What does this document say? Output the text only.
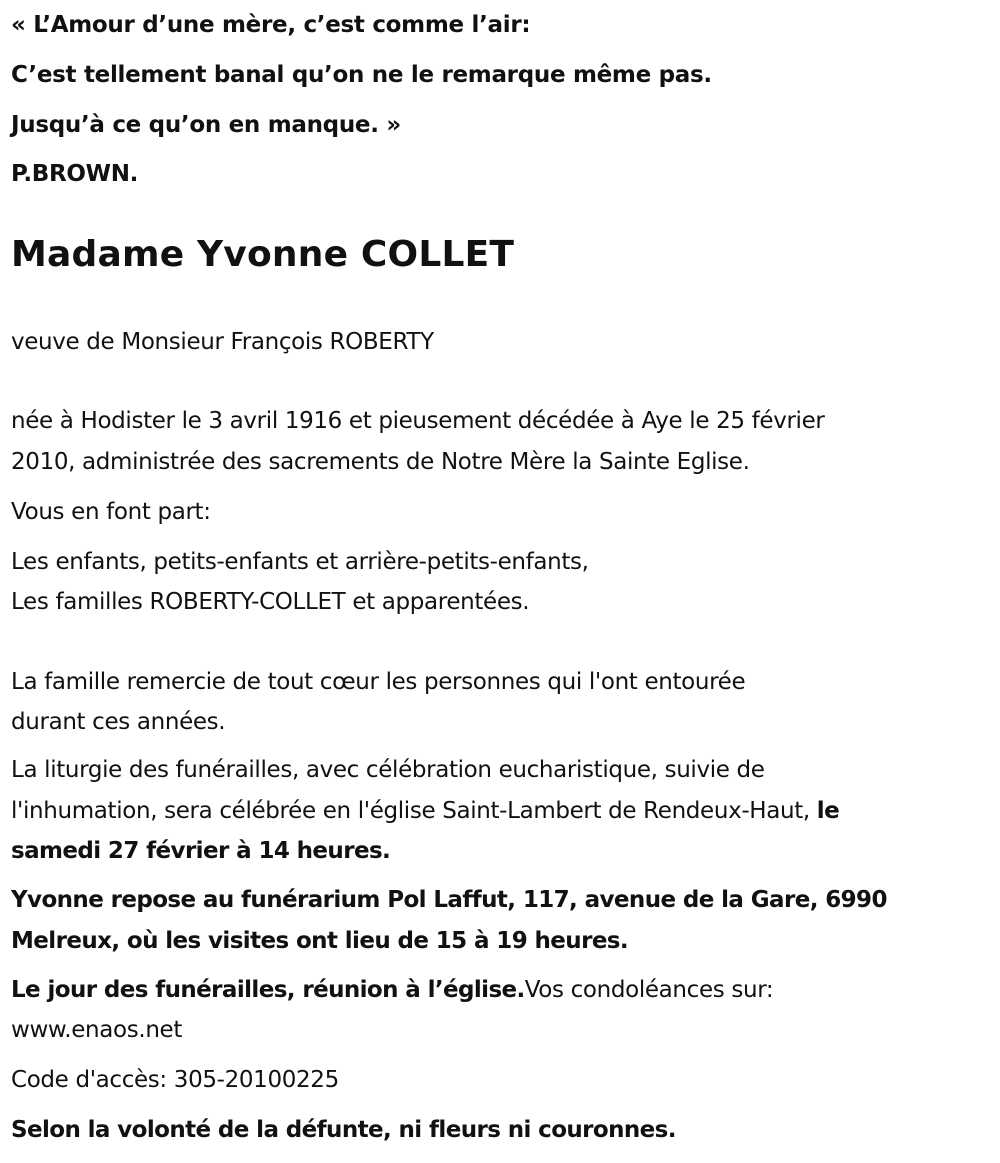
« L’Amour d’une mère, c’est comme l’air:
C’est tellement banal qu’on ne le remarque même pas.
Jusqu’à ce qu’on en manque. »
P.BROWN.
Madame Yvonne COLLET
veuve de Monsieur François ROBERTY
née à Hodister le 3 avril 1916 et pieusement décédée à Aye le 25 février
2010, administrée des sacrements de Notre Mère la Sainte Eglise.
Vous en font part:
Les enfants, petits-enfants et arrière-petits-enfants,
Les familles ROBERTY-COLLET et apparentées.
La famille remercie de tout cœur les personnes qui l'ont entourée
durant ces années.
La liturgie des funérailles, avec célébration eucharistique, suivie de
l'inhumation, sera célébrée en l'église Saint-Lambert de Rendeux-Haut, le
samedi 27 février à 14 heures.
Yvonne repose au funérarium Pol Laffut, 117, avenue de la Gare, 6990
Melreux, où les visites ont lieu de 15 à 19 heures.
Le jour des funérailles, réunion à l’église.Vos condoléances sur:
www.enaos.net
Code d'accès: 305-20100225
Selon la volonté de la défunte, ni fleurs ni couronnes.
